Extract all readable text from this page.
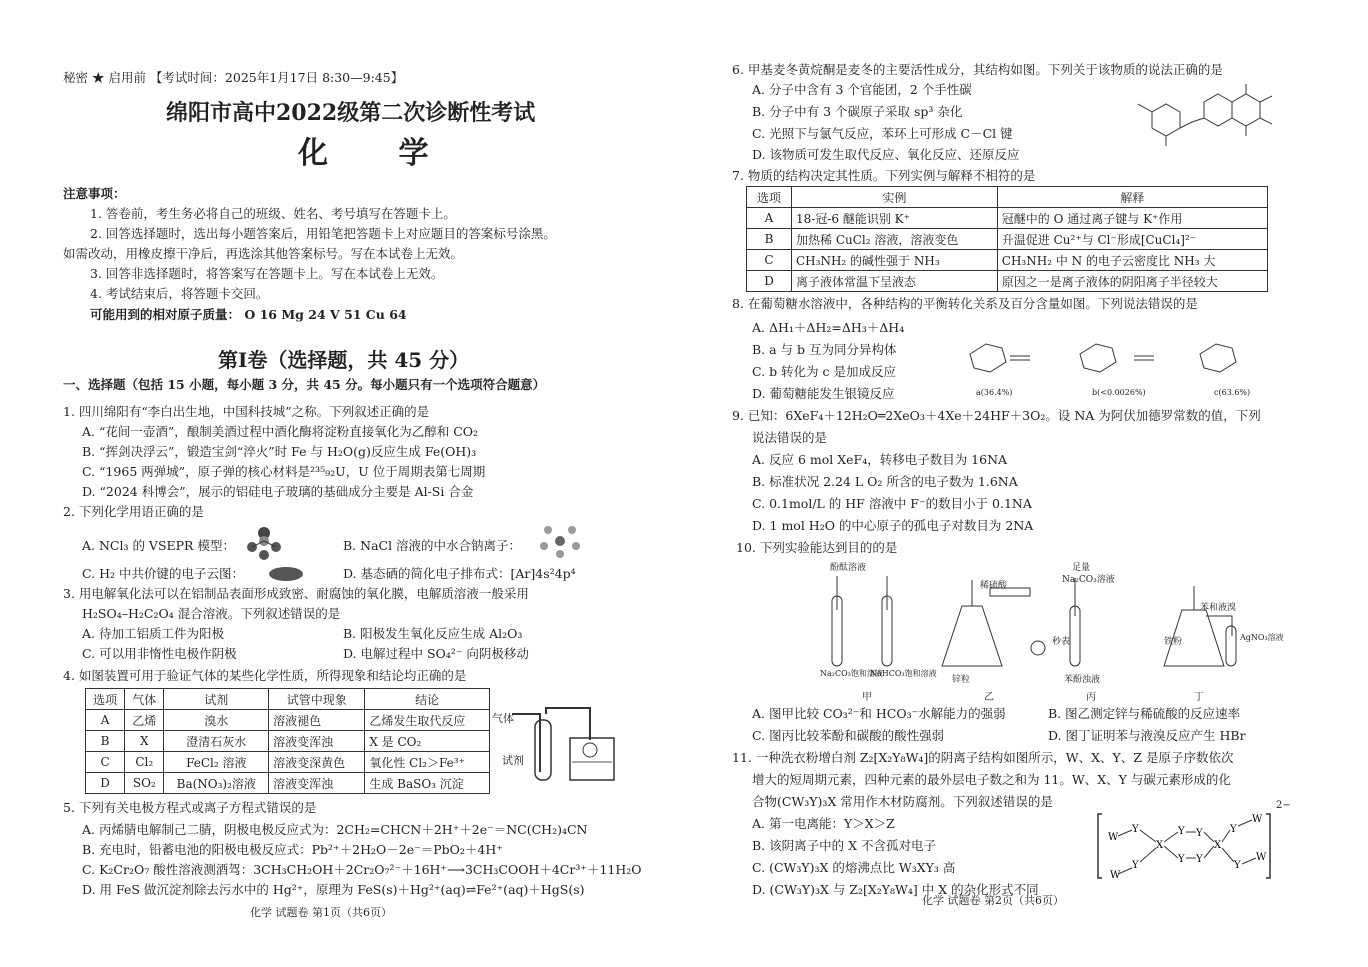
秘密 ★ 启用前 【考试时间：2025年1月17日 8:30—9:45】
绵阳市高中2022级第二次诊断性考试
化 学
注意事项：
1. 答卷前，考生务必将自己的班级、姓名、考号填写在答题卡上。
2. 回答选择题时，选出每小题答案后，用铅笔把答题卡上对应题目的答案标号涂黑。
如需改动，用橡皮擦干净后，再选涂其他答案标号。写在本试卷上无效。
3. 回答非选择题时，将答案写在答题卡上。写在本试卷上无效。
4. 考试结束后，将答题卡交回。
可能用到的相对原子质量： O 16 Mg 24 V 51 Cu 64
第Ⅰ卷（选择题，共 45 分）
一、选择题（包括 15 小题，每小题 3 分，共 45 分。每小题只有一个选项符合题意）
1. 四川绵阳有“李白出生地，中国科技城”之称。下列叙述正确的是
A. “花间一壶酒”，酿制美酒过程中酒化酶将淀粉直接氧化为乙醇和 CO₂
B. “挥剑决浮云”，锻造宝剑“淬火”时 Fe 与 H₂O(g)反应生成 Fe(OH)₃
C. “1965 两弹城”，原子弹的核心材料是²³⁵₉₂U，U 位于周期表第七周期
D. “2024 科博会”，展示的铝硅电子玻璃的基础成分主要是 Al-Si 合金
2. 下列化学用语正确的是
A. NCl₃ 的 VSEPR 模型：	B. NaCl 溶液的中水合钠离子：
C. H₂ 中共价键的电子云图：	D. 基态硒的简化电子排布式：[Ar]4s²4p⁴
3. 用电解氧化法可以在铝制品表面形成致密、耐腐蚀的氧化膜，电解质溶液一般采用
H₂SO₄–H₂C₂O₄ 混合溶液。下列叙述错误的是
A. 待加工铝质工件为阳极	B. 阳极发生氧化反应生成 Al₂O₃
C. 可以用非惰性电极作阴极	D. 电解过程中 SO₄²⁻ 向阴极移动
4. 如图装置可用于验证气体的某些化学性质，所得现象和结论均正确的是
选项	气体	试剂	试管中现象	结论
A	乙烯	溴水	溶液褪色	乙烯发生取代反应
B	X	澄清石灰水	溶液变浑浊	X 是 CO₂
C	Cl₂	FeCl₂ 溶液	溶液变深黄色	氧化性 Cl₂＞Fe³⁺
D	SO₂	Ba(NO₃)₂溶液	溶液变浑浊	生成 BaSO₃ 沉淀
气体
试剂
5. 下列有关电极方程式或离子方程式错误的是
A. 丙烯腈电解制己二腈，阴极电极反应式为：2CH₂=CHCN＋2H⁺＋2e⁻＝NC(CH₂)₄CN
B. 充电时，铅蓄电池的阳极电极反应式：Pb²⁺＋2H₂O－2e⁻＝PbO₂＋4H⁺
C. K₂Cr₂O₇ 酸性溶液测酒驾：3CH₃CH₂OH＋2Cr₂O₇²⁻＋16H⁺⟶3CH₃COOH＋4Cr³⁺＋11H₂O
D. 用 FeS 做沉淀剂除去污水中的 Hg²⁺，原理为 FeS(s)＋Hg²⁺(aq)⇌Fe²⁺(aq)＋HgS(s)
化学 试题卷 第1页（共6页）
6. 甲基麦冬黄烷酮是麦冬的主要活性成分，其结构如图。下列关于该物质的说法正确的是
A. 分子中含有 3 个官能团，2 个手性碳
B. 分子中有 3 个碳原子采取 sp³ 杂化
C. 光照下与氯气反应，苯环上可形成 C－Cl 键
D. 该物质可发生取代反应、氧化反应、还原反应
7. 物质的结构决定其性质。下列实例与解释不相符的是
选项	实例	解释
A	18-冠-6 醚能识别 K⁺	冠醚中的 O 通过离子键与 K⁺作用
B	加热稀 CuCl₂ 溶液，溶液变色	升温促进 Cu²⁺与 Cl⁻形成[CuCl₄]²⁻
C	CH₃NH₂ 的碱性强于 NH₃	CH₃NH₂ 中 N 的电子云密度比 NH₃ 大
D	离子液体常温下呈液态	原因之一是离子液体的阴阳离子半径较大
8. 在葡萄糖水溶液中，各种结构的平衡转化关系及百分含量如图。下列说法错误的是
A. ΔH₁＋ΔH₂=ΔH₃＋ΔH₄
B. a 与 b 互为同分异构体
C. b 转化为 c 是加成反应
D. 葡萄糖能发生银镜反应	a(36.4%)	b(<0.0026%)	c(63.6%)
9. 已知：6XeF₄＋12H₂O═2XeO₃＋4Xe＋24HF＋3O₂。设 NA 为阿伏加德罗常数的值，下列
说法错误的是
A. 反应 6 mol XeF₄，转移电子数目为 16NA
B. 标准状况 2.24 L O₂ 所含的电子数为 1.6NA
C. 0.1mol/L 的 HF 溶液中 F⁻的数目小于 0.1NA
D. 1 mol H₂O 的中心原子的孤电子对数目为 2NA
10. 下列实验能达到目的的是
酚酞溶液
Na₂CO₃饱和溶液
NaHCO₃饱和溶液
稀硫酸
秒表
锌粒
足量
Na₂CO₃溶液
苯酚浊液
苯和液溴
铁粉	AgNO₃溶液
甲	乙	丙	丁
A. 图甲比较 CO₃²⁻和 HCO₃⁻水解能力的强弱	B. 图乙测定锌与稀硫酸的反应速率
C. 图丙比较苯酚和碳酸的酸性强弱	D. 图丁证明苯与液溴反应产生 HBr
11. 一种洗衣粉增白剂 Z₂[X₂Y₈W₄]的阴离子结构如图所示，W、X、Y、Z 是原子序数依次
增大的短周期元素，四种元素的最外层电子数之和为 11。W、X、Y 与碳元素形成的化
合物(CW₃Y)₃X 常用作木材防腐剂。下列叙述错误的是
A. 第一电离能：Y＞X＞Z
B. 该阴离子中的 X 不含孤对电子
C. (CW₃Y)₃X 的熔沸点比 W₃XY₃ 高
D. (CW₃Y)₃X 与 Z₂[X₂Y₈W₄] 中 X 的杂化形式不同
W
Y
X
Y
Y
Y
Y
X
Y
W
Y
W
Y
W
2−
化学 试题卷 第2页（共6页）
